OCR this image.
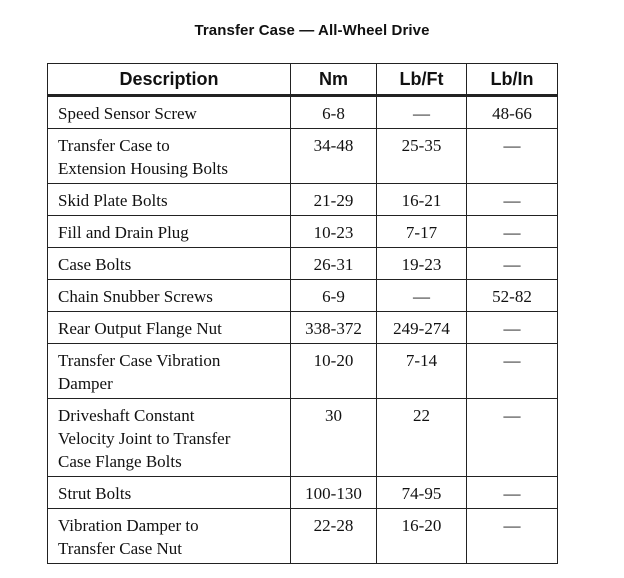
Transfer Case — All-Wheel Drive
Description	Nm	Lb/Ft	Lb/In
Speed Sensor Screw	6-8	—	48-66
Transfer Case to
Extension Housing Bolts	34-48	25-35	—
Skid Plate Bolts	21-29	16-21	—
Fill and Drain Plug	10-23	7-17	—
Case Bolts	26-31	19-23	—
Chain Snubber Screws	6-9	—	52-82
Rear Output Flange Nut	338-372	249-274	—
Transfer Case Vibration
Damper	10-20	7-14	—
Driveshaft Constant
Velocity Joint to Transfer
Case Flange Bolts	30	22	—
Strut Bolts	100-130	74-95	—
Vibration Damper to
Transfer Case Nut	22-28	16-20	—
